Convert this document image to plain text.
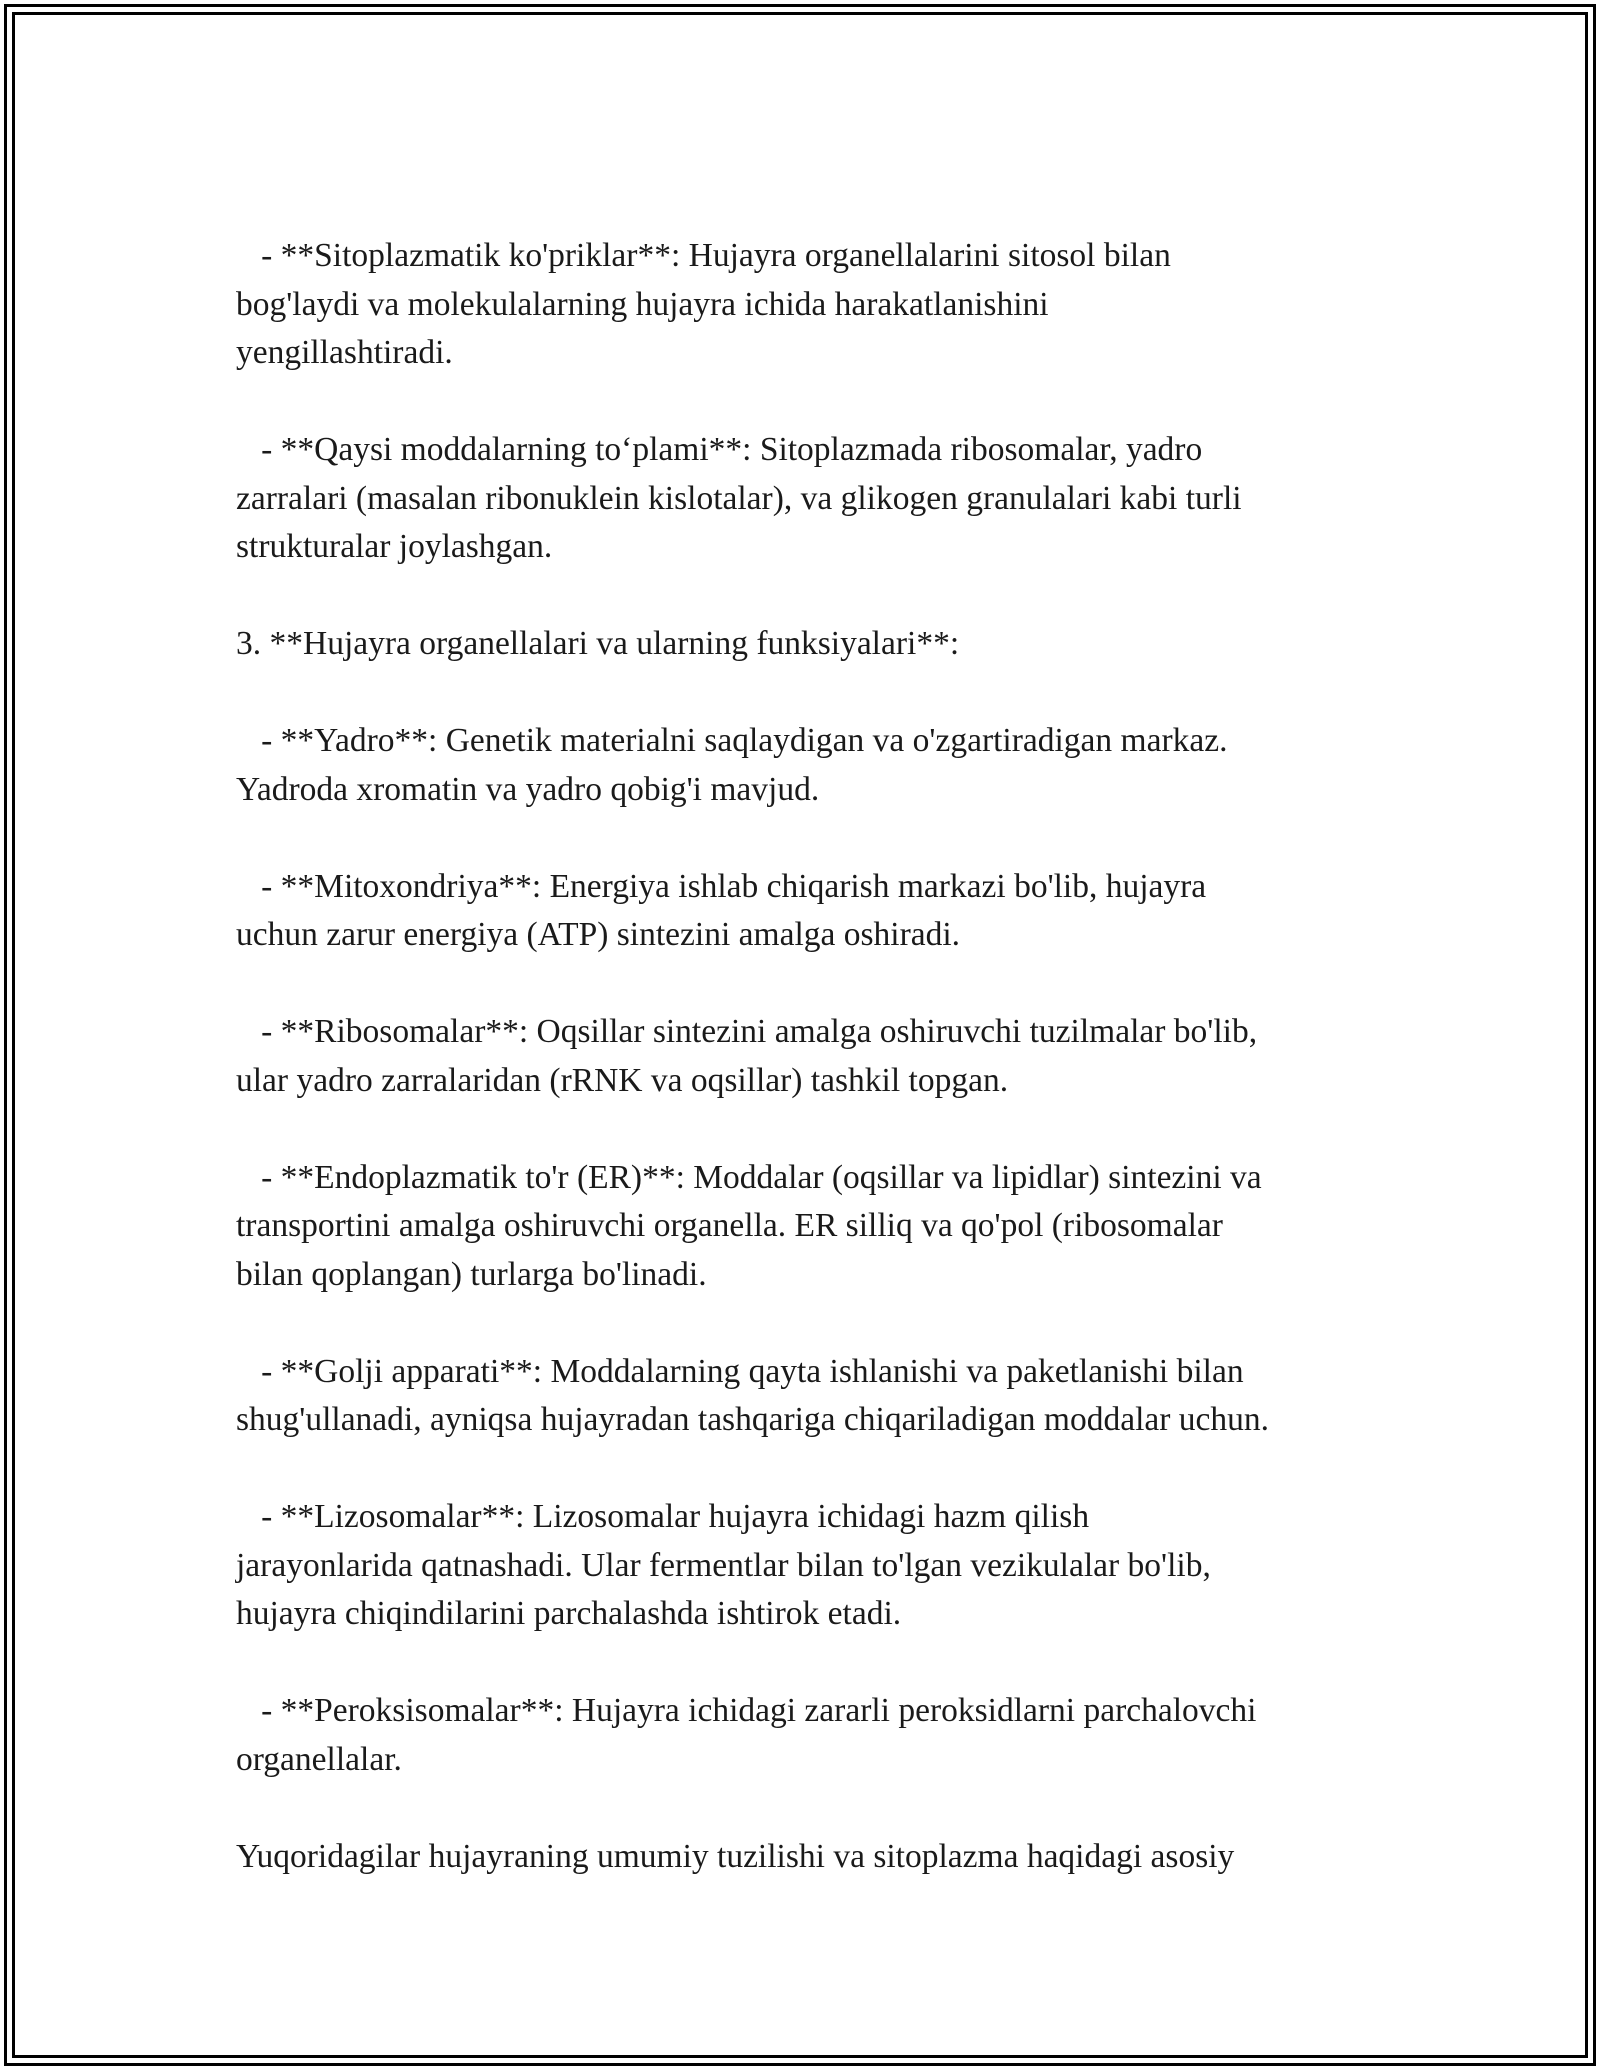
- **Sitoplazmatik ko'priklar**: Hujayra organellalarini sitosol bilan
bog'laydi va molekulalarning hujayra ichida harakatlanishini
yengillashtiradi.

- **Qaysi moddalarning to‘plami**: Sitoplazmada ribosomalar, yadro
zarralari (masalan ribonuklein kislotalar), va glikogen granulalari kabi turli
strukturalar joylashgan.

3. **Hujayra organellalari va ularning funksiyalari**:

- **Yadro**: Genetik materialni saqlaydigan va o'zgartiradigan markaz.
Yadroda xromatin va yadro qobig'i mavjud.

- **Mitoxondriya**: Energiya ishlab chiqarish markazi bo'lib, hujayra
uchun zarur energiya (ATP) sintezini amalga oshiradi.

- **Ribosomalar**: Oqsillar sintezini amalga oshiruvchi tuzilmalar bo'lib,
ular yadro zarralaridan (rRNK va oqsillar) tashkil topgan.

- **Endoplazmatik to'r (ER)**: Moddalar (oqsillar va lipidlar) sintezini va
transportini amalga oshiruvchi organella. ER silliq va qo'pol (ribosomalar
bilan qoplangan) turlarga bo'linadi.

- **Golji apparati**: Moddalarning qayta ishlanishi va paketlanishi bilan
shug'ullanadi, ayniqsa hujayradan tashqariga chiqariladigan moddalar uchun.

- **Lizosomalar**: Lizosomalar hujayra ichidagi hazm qilish
jarayonlarida qatnashadi. Ular fermentlar bilan to'lgan vezikulalar bo'lib,
hujayra chiqindilarini parchalashda ishtirok etadi.

- **Peroksisomalar**: Hujayra ichidagi zararli peroksidlarni parchalovchi
organellalar.

Yuqoridagilar hujayraning umumiy tuzilishi va sitoplazma haqidagi asosiy
